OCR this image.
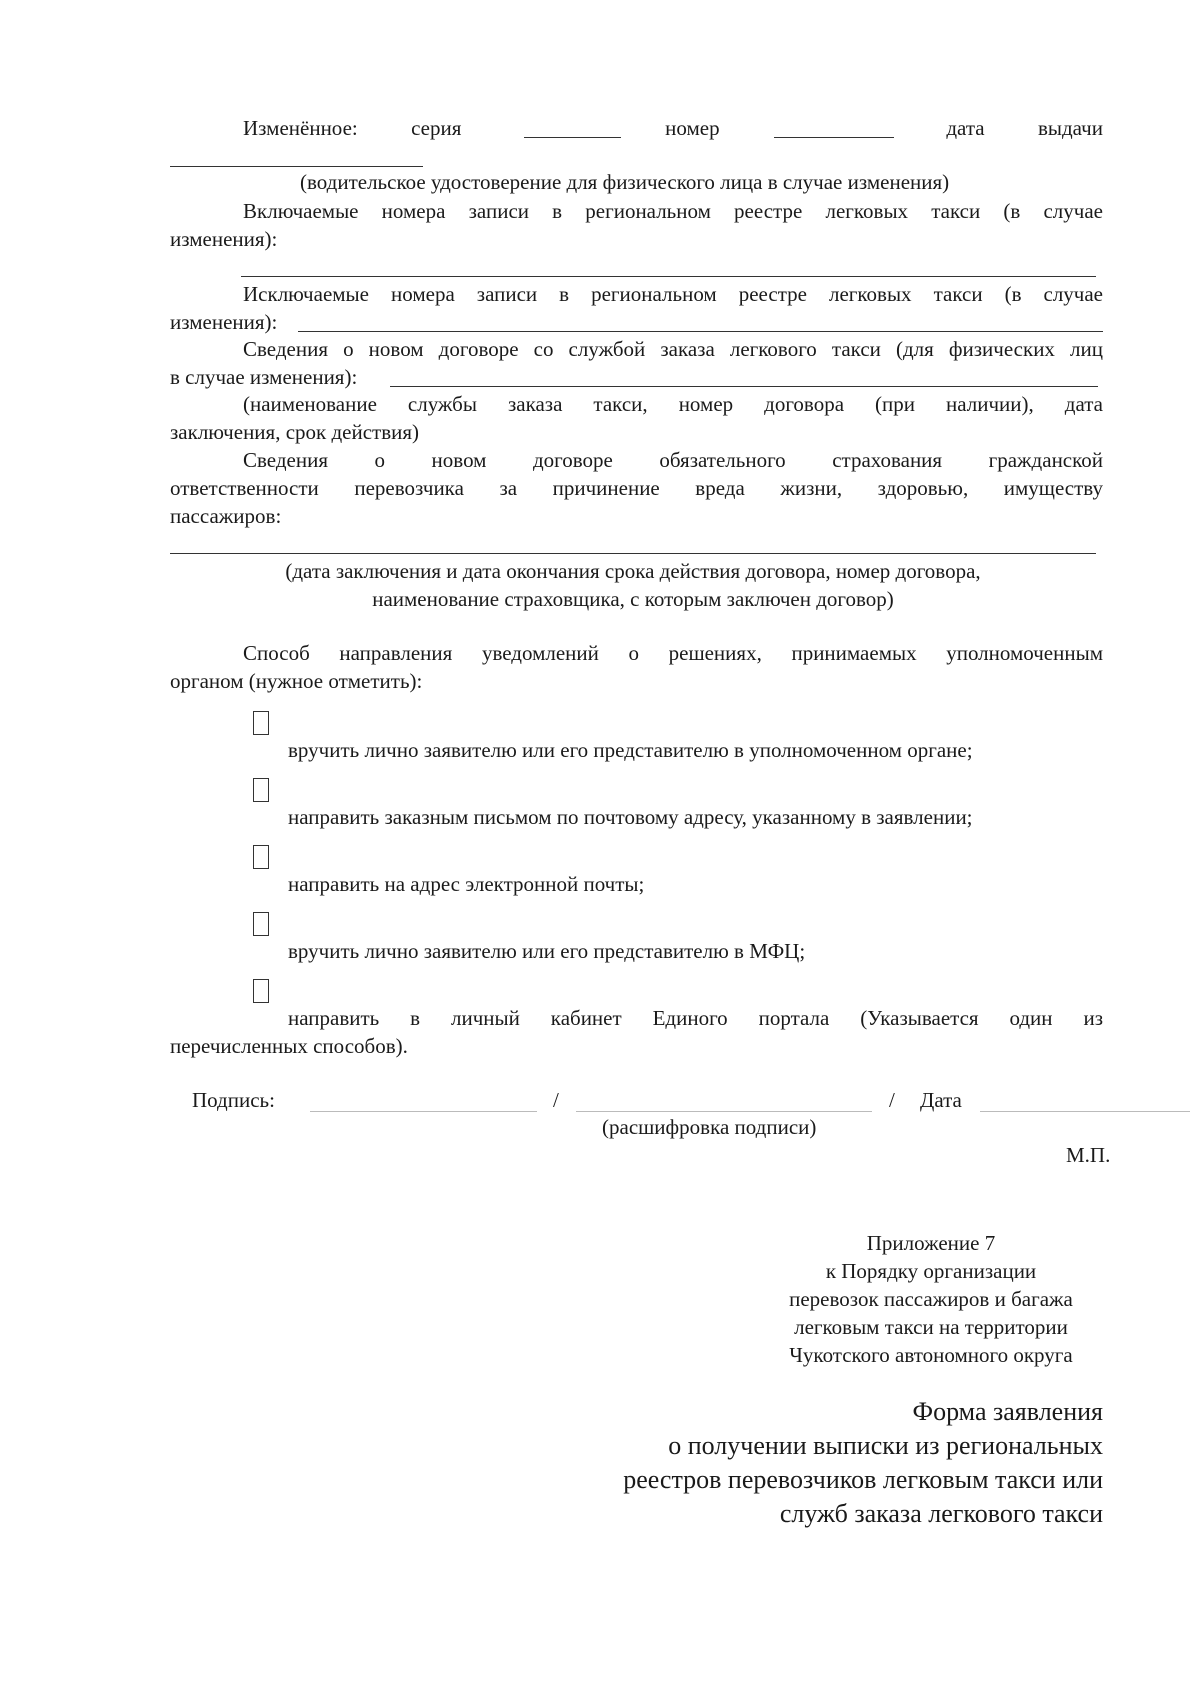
Изменённое:	серия	номер	дата	выдачи
(водительское удостоверение для физического лица в случае изменения)
Включаемые номера записи в региональном реестре легковых такси (в случае
изменения):
Исключаемые номера записи в региональном реестре легковых такси (в случае
изменения):
Сведения о новом договоре со службой заказа легкового такси (для физических лиц
в случае изменения):
(наименование службы заказа такси, номер договора (при наличии), дата
заключения, срок действия)
Сведения о новом договоре обязательного страхования гражданской
ответственности перевозчика за причинение вреда жизни, здоровью, имуществу
пассажиров:
(дата заключения и дата окончания срока действия договора, номер договора,
наименование страховщика, с которым заключен договор)
Способ направления уведомлений о решениях, принимаемых уполномоченным
органом (нужное отметить):
вручить лично заявителю или его представителю в уполномоченном органе;
направить заказным письмом по почтовому адресу, указанному в заявлении;
направить на адрес электронной почты;
вручить лично заявителю или его представителю в МФЦ;
направить в личный кабинет Единого портала (Указывается один из
перечисленных способов).
Подпись:	/	/ Дата
(расшифровка подписи)
М.П.
Приложение 7
к Порядку организации
перевозок пассажиров и багажа
легковым такси на территории
Чукотского автономного округа
Форма заявления
о получении выписки из региональных
реестров перевозчиков легковым такси или
служб заказа легкового такси
